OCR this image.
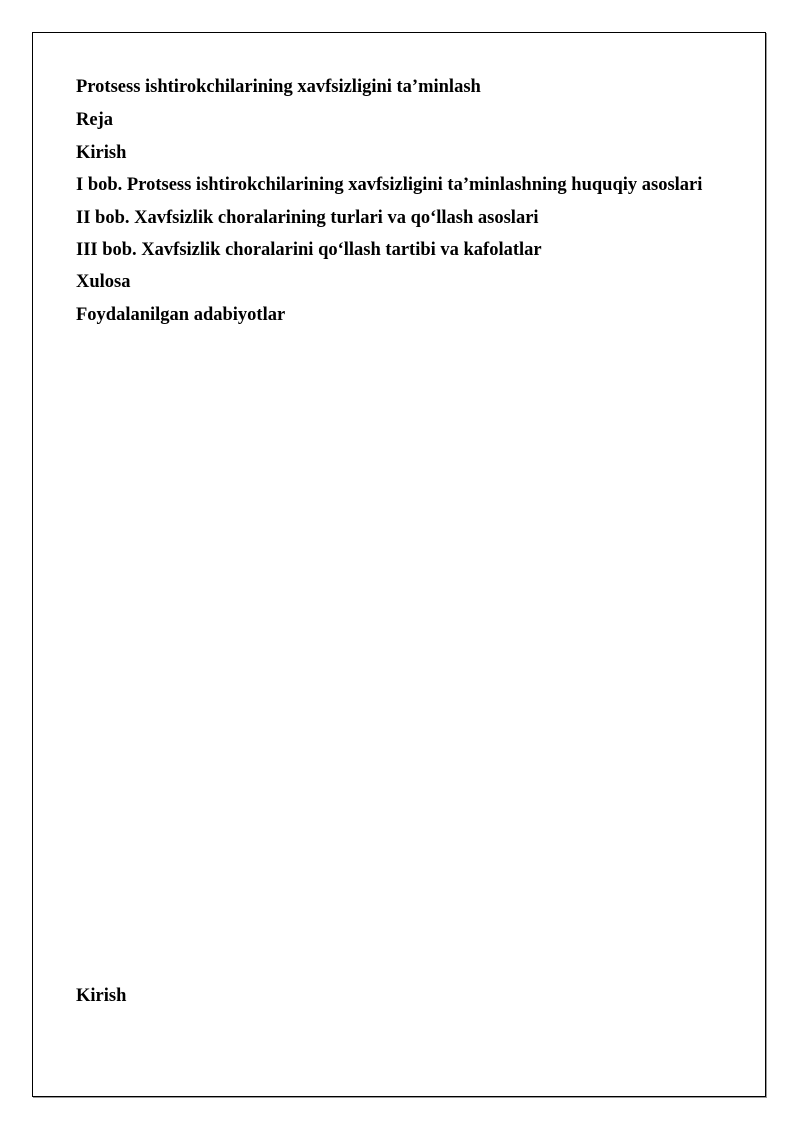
Protsess ishtirokchilarining xavfsizligini ta’minlash

Reja

Kirish

I bob. Protsess ishtirokchilarining xavfsizligini ta’minlashning huquqiy asoslari

II bob. Xavfsizlik choralarining turlari va qo‘llash asoslari

III bob. Xavfsizlik choralarini qo‘llash tartibi va kafolatlar

Xulosa

Foydalanilgan adabiyotlar

Kirish
